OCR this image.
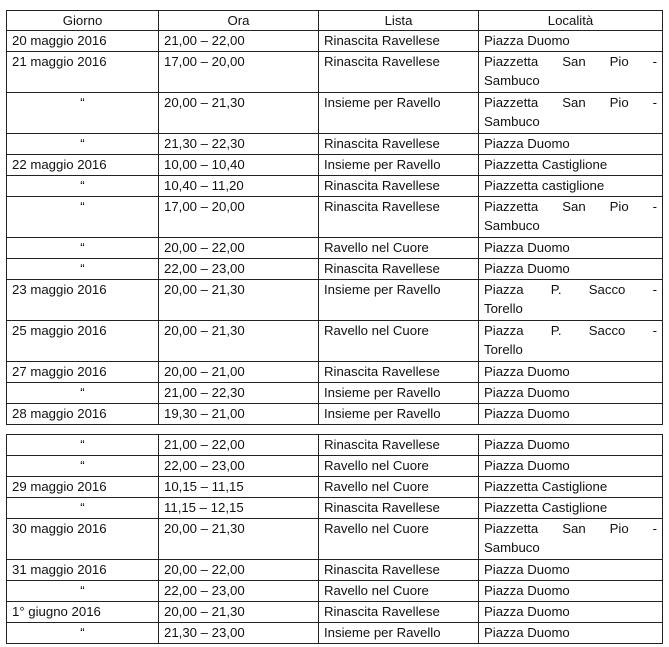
Giorno	Ora	Lista	Località
20 maggio 2016	21,00 – 22,00	Rinascita Ravellese	Piazza Duomo
21 maggio 2016	17,00 – 20,00	Rinascita Ravellese	Piazzetta San Pio -
Sambuco

“	20,00 – 21,30	Insieme per Ravello	Piazzetta San Pio -
Sambuco

“	21,30 – 22,30	Rinascita Ravellese	Piazza Duomo
22 maggio 2016	10,00 – 10,40	Insieme per Ravello	Piazzetta Castiglione
“	10,40 – 11,20	Rinascita Ravellese	Piazzetta castiglione
“	17,00 – 20,00	Rinascita Ravellese	Piazzetta San Pio -
Sambuco

“	20,00 – 22,00	Ravello nel Cuore	Piazza Duomo
“	22,00 – 23,00	Rinascita Ravellese	Piazza Duomo
23 maggio 2016	20,00 – 21,30	Insieme per Ravello	Piazza P. Sacco -
Torello

25 maggio 2016	20,00 – 21,30	Ravello nel Cuore	Piazza P. Sacco -
Torello

27 maggio 2016	20,00 – 21,00	Rinascita Ravellese	Piazza Duomo
“	21,00 – 22,30	Insieme per Ravello	Piazza Duomo
28 maggio 2016	19,30 – 21,00	Insieme per Ravello	Piazza Duomo
“	21,00 – 22,00	Rinascita Ravellese	Piazza Duomo
“	22,00 – 23,00	Ravello nel Cuore	Piazza Duomo
29 maggio 2016	10,15 – 11,15	Ravello nel Cuore	Piazzetta Castiglione
“	11,15 – 12,15	Rinascita Ravellese	Piazzetta Castiglione
30 maggio 2016	20,00 – 21,30	Ravello nel Cuore	Piazzetta San Pio -
Sambuco

31 maggio 2016	20,00 – 22,00	Rinascita Ravellese	Piazza Duomo
“	22,00 – 23,00	Ravello nel Cuore	Piazza Duomo
1° giugno 2016	20,00 – 21,30	Rinascita Ravellese	Piazza Duomo
“	21,30 – 23,00	Insieme per Ravello	Piazza Duomo
